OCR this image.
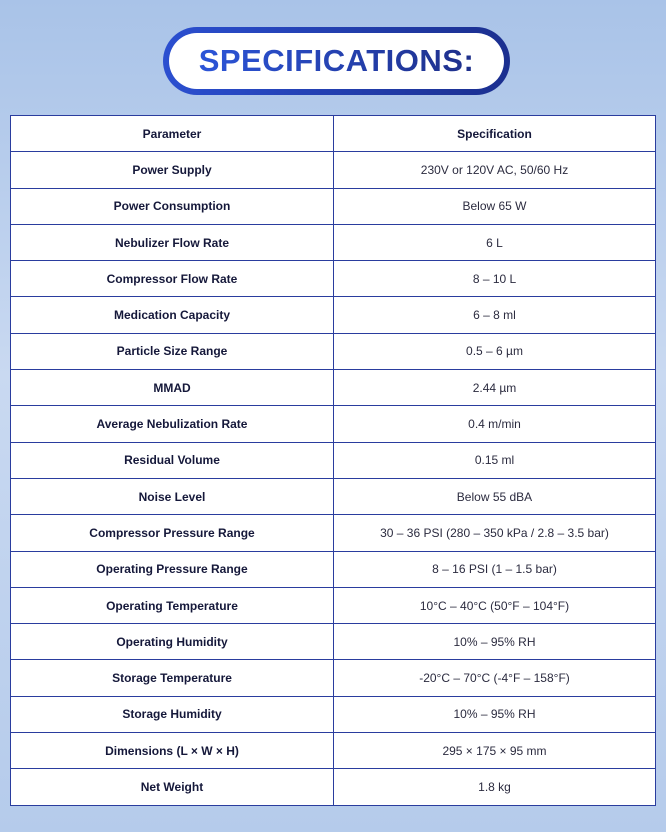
SPECIFICATIONS:
Parameter	Specification
Power Supply	230V or 120V AC, 50/60 Hz
Power Consumption	Below 65 W
Nebulizer Flow Rate	6 L
Compressor Flow Rate	8 – 10 L
Medication Capacity	6 – 8 ml
Particle Size Range	0.5 – 6 µm
MMAD	2.44 µm
Average Nebulization Rate	0.4 m/min
Residual Volume	0.15 ml
Noise Level	Below 55 dBA
Compressor Pressure Range	30 – 36 PSI (280 – 350 kPa / 2.8 – 3.5 bar)
Operating Pressure Range	8 – 16 PSI (1 – 1.5 bar)
Operating Temperature	10°C – 40°C (50°F – 104°F)
Operating Humidity	10% – 95% RH
Storage Temperature	-20°C – 70°C (-4°F – 158°F)
Storage Humidity	10% – 95% RH
Dimensions (L × W × H)	295 × 175 × 95 mm
Net Weight	1.8 kg
